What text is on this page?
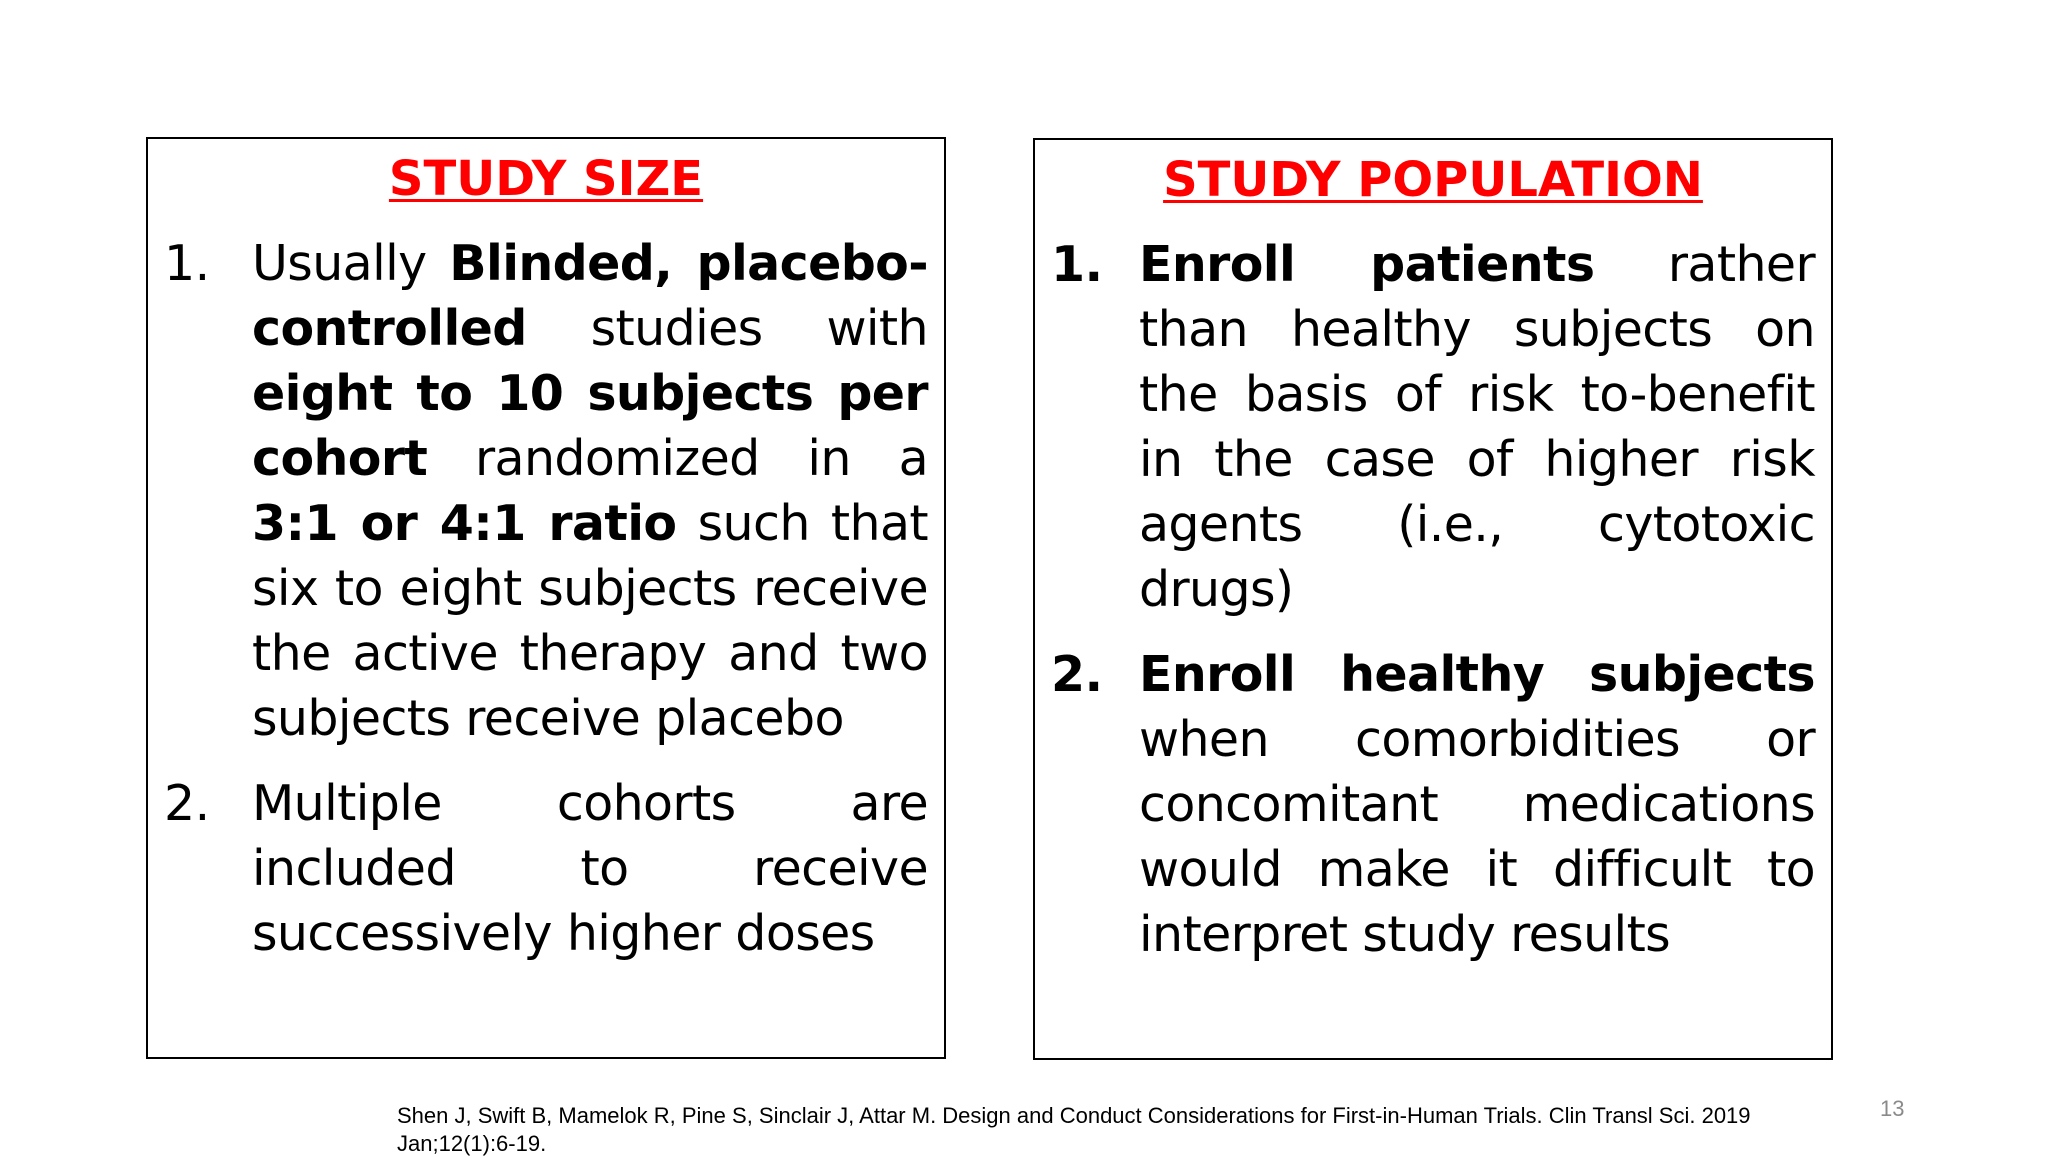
STUDY SIZE
1. Usually Blinded, placebo-controlled studies with eight to 10 subjects per cohort randomized in a 3:1 or 4:1 ratio such that six to eight subjects receive the active therapy and two subjects receive placebo
2. Multiple cohorts are included to receive successively higher doses
STUDY POPULATION
1. Enroll patients rather than healthy subjects on the basis of risk to-benefit in the case of higher risk agents (i.e., cytotoxic drugs)
2. Enroll healthy subjects when comorbidities or concomitant medications would make it difficult to interpret study results
Shen J, Swift B, Mamelok R, Pine S, Sinclair J, Attar M. Design and Conduct Considerations for First-in-Human Trials. Clin Transl Sci. 2019 Jan;12(1):6-19.
13
